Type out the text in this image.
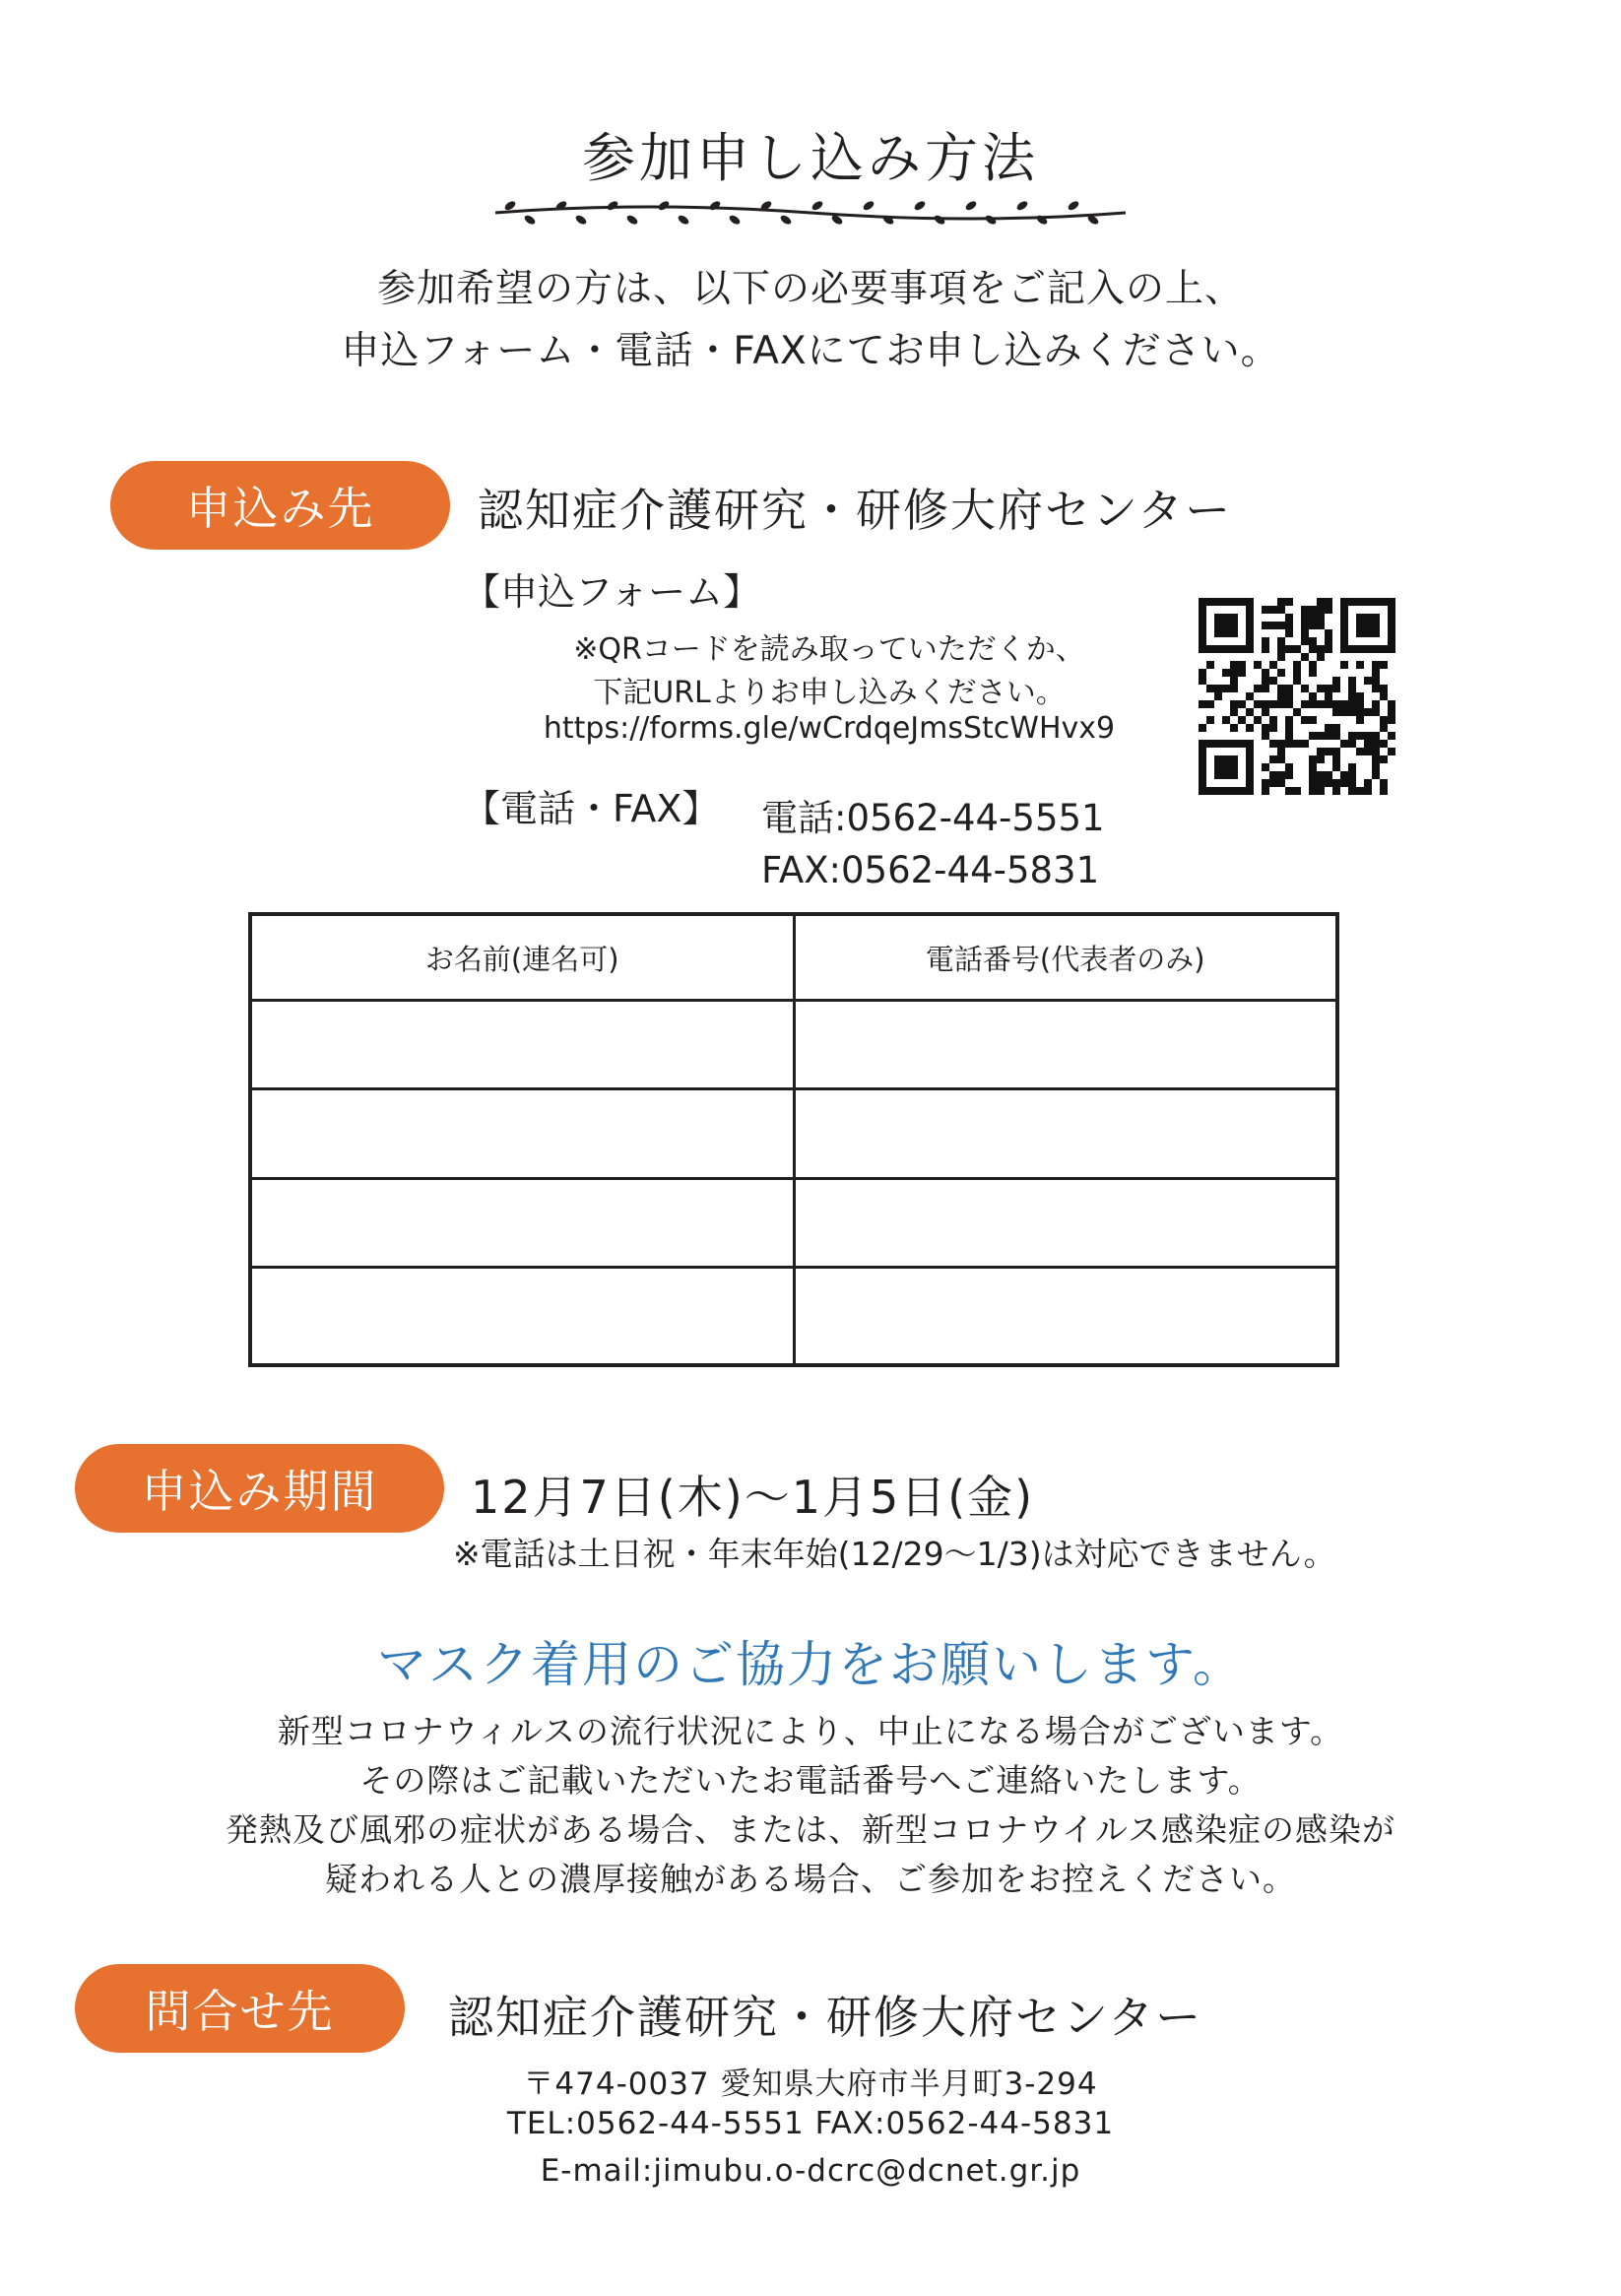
参加申し込み方法
参加希望の方は、以下の必要事項をご記入の上、
申込フォーム・電話・FAXにてお申し込みください。
申込み先	認知症介護研究・研修大府センター
【申込フォーム】
※QRコードを読み取っていただくか、
下記URLよりお申し込みください。
https://forms.gle/wCrdqeJmsStcWHvx9
【電話・FAX】 電話:0562-44-5551
FAX:0562-44-5831
お名前(連名可)	電話番号(代表者のみ)

申込み期間	12月7日(木)～1月5日(金)
※電話は土日祝・年末年始(12/29～1/3)は対応できません。
マスク着用のご協力をお願いします。
新型コロナウィルスの流行状況により、中止になる場合がございます。
その際はご記載いただいたお電話番号へご連絡いたします。
発熱及び風邪の症状がある場合、または、新型コロナウイルス感染症の感染が
疑われる人との濃厚接触がある場合、ご参加をお控えください。
問合せ先	認知症介護研究・研修大府センター
〒474-0037 愛知県大府市半月町3-294
TEL:0562-44-5551 FAX:0562-44-5831
E-mail:jimubu.o-dcrc@dcnet.gr.jp
